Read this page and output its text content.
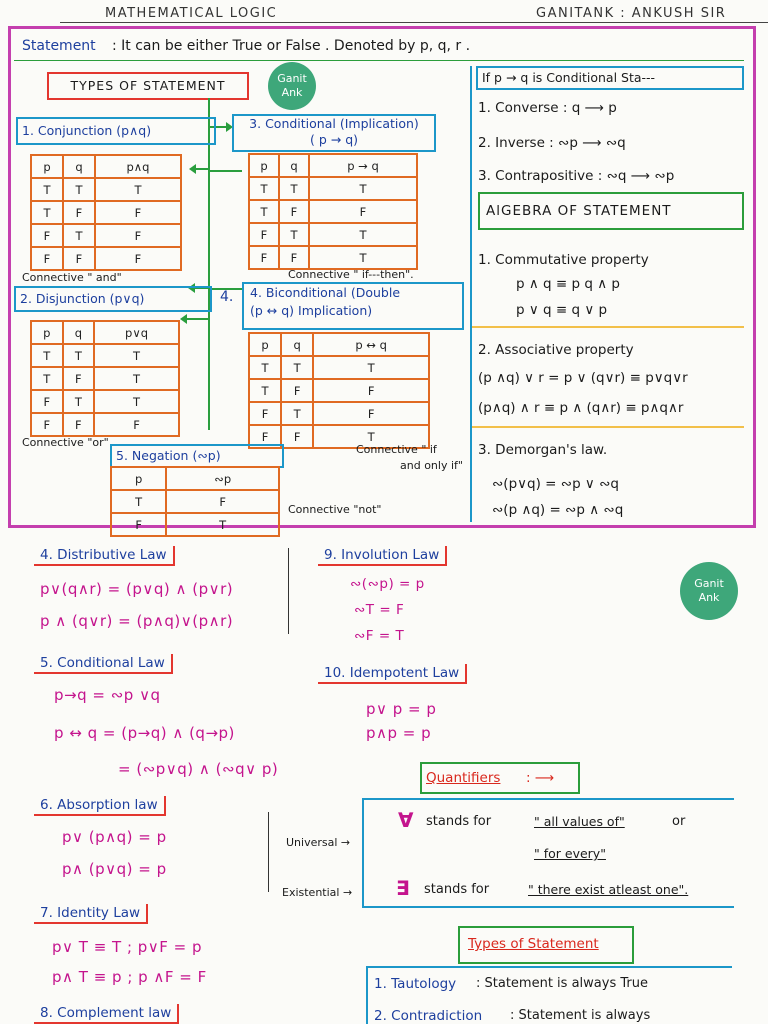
MATHEMATICAL LOGIC	GANITANK : ANKUSH SIR
Statement : It can be either True or False . Denoted by p, q, r .
TYPES OF STATEMENT	Ganit
Ank
1. Conjunction (p∧q)
p	q	p∧q
T	T	T
T	F	F
F	T	F
F	F	F
Connective " and"
3. Conditional (Implication)
( p → q)
p	q	p → q
T	T	T
T	F	F
F	T	T
F	F	T
Connective " if---then".
2. Disjunction (p∨q)
p	q	p∨q
T	T	T
T	F	T
F	T	T
F	F	F
Connective "or"
4. Biconditional (Double
(p ↔ q) Implication)
4.
p	q	p ↔ q
T	T	T
T	F	F
F	T	F
F	F	T
Connective " if
and only if"
5. Negation (∾p)
p	∾p
T	F
F	T
Connective "not"
If p → q is Conditional Sta---
1. Converse : q ⟶ p
2. Inverse : ∾p ⟶ ∾q
3. Contrapositive : ∾q ⟶ ∾p
AlGEBRA OF STATEMENT
1. Commutative property
p ∧ q ≡ p q ∧ p
p ∨ q ≡ q ∨ p
2. Associative property
(p ∧q) ∨ r = p ∨ (q∨r) ≡ p∨q∨r
(p∧q) ∧ r ≡ p ∧ (q∧r) ≡ p∧q∧r
3. Demorgan's law.
∾(p∨q) = ∾p ∨ ∾q
∾(p ∧q) = ∾p ∧ ∾q
4. Distributive Law
p∨(q∧r) = (p∨q) ∧ (p∨r)
p ∧ (q∨r) = (p∧q)∨(p∧r)
5. Conditional Law
p→q = ∾p ∨q
p ↔ q = (p→q) ∧ (q→p)
= (∾p∨q) ∧ (∾q∨ p)
6. Absorption law
p∨ (p∧q) = p
p∧ (p∨q) = p
7. Identity Law
p∨ T ≡ T ; p∨F = p
p∧ T ≡ p ; p ∧F = F
8. Complement law
9. Involution Law
∾(∾p) = p
∾T = F
∾F = T
Ganit
Ank
10. Idempotent Law
p∨ p = p
p∧p = p
Quantifiers : ⟶
Universal →
Existential →
∀ stands for	" all values of"	or
" for every"
∃ stands for	" there exist atleast one".
Types of Statement
1. Tautology : Statement is always True
2. Contradiction : Statement is always
